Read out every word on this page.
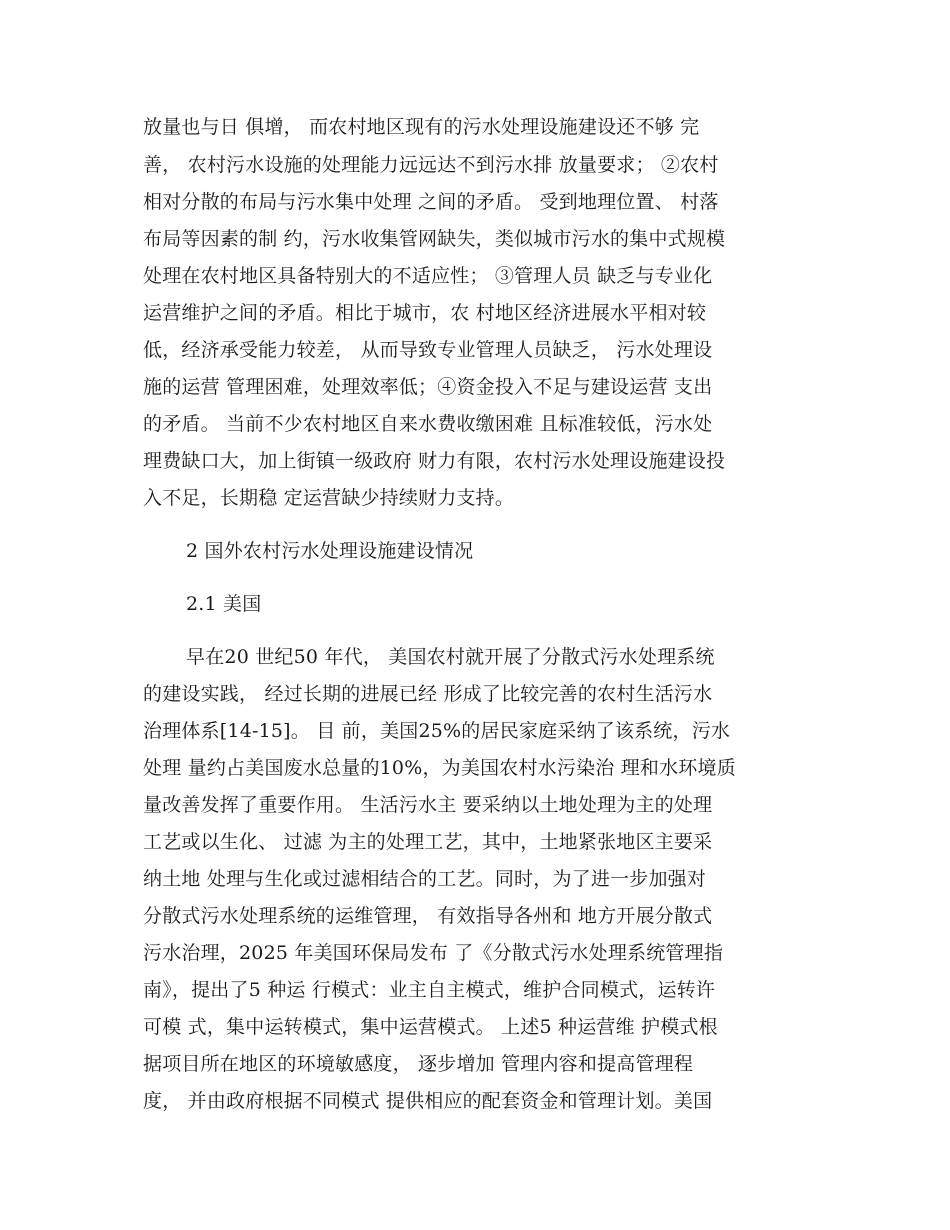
放量也与日 俱增， 而农村地区现有的污水处理设施建设还不够 完
善， 农村污水设施的处理能力远远达不到污水排 放量要求； ②农村
相对分散的布局与污水集中处理 之间的矛盾。 受到地理位置、 村落
布局等因素的制 约，污水收集管网缺失，类似城市污水的集中式规模
处理在农村地区具备特别大的不适应性； ③管理人员 缺乏与专业化
运营维护之间的矛盾。相比于城市，农 村地区经济进展水平相对较
低，经济承受能力较差， 从而导致专业管理人员缺乏， 污水处理设
施的运营 管理困难，处理效率低；④资金投入不足与建设运营 支出
的矛盾。 当前不少农村地区自来水费收缴困难 且标准较低，污水处
理费缺口大，加上街镇一级政府 财力有限，农村污水处理设施建设投
入不足，长期稳 定运营缺少持续财力支持。
2 国外农村污水处理设施建设情况
2.1 美国
早在20 世纪50 年代， 美国农村就开展了分散式污水处理系统
的建设实践， 经过长期的进展已经 形成了比较完善的农村生活污水
治理体系[14-15]。 目 前，美国25%的居民家庭采纳了该系统，污水
处理 量约占美国废水总量的10%，为美国农村水污染治 理和水环境质
量改善发挥了重要作用。 生活污水主 要采纳以土地处理为主的处理
工艺或以生化、 过滤 为主的处理工艺，其中，土地紧张地区主要采
纳土地 处理与生化或过滤相结合的工艺。同时，为了进一步加强对
分散式污水处理系统的运维管理， 有效指导各州和 地方开展分散式
污水治理，2025 年美国环保局发布 了《分散式污水处理系统管理指
南》，提出了5 种运 行模式：业主自主模式，维护合同模式，运转许
可模 式，集中运转模式，集中运营模式。 上述5 种运营维 护模式根
据项目所在地区的环境敏感度， 逐步增加 管理内容和提高管理程
度， 并由政府根据不同模式 提供相应的配套资金和管理计划。美国
